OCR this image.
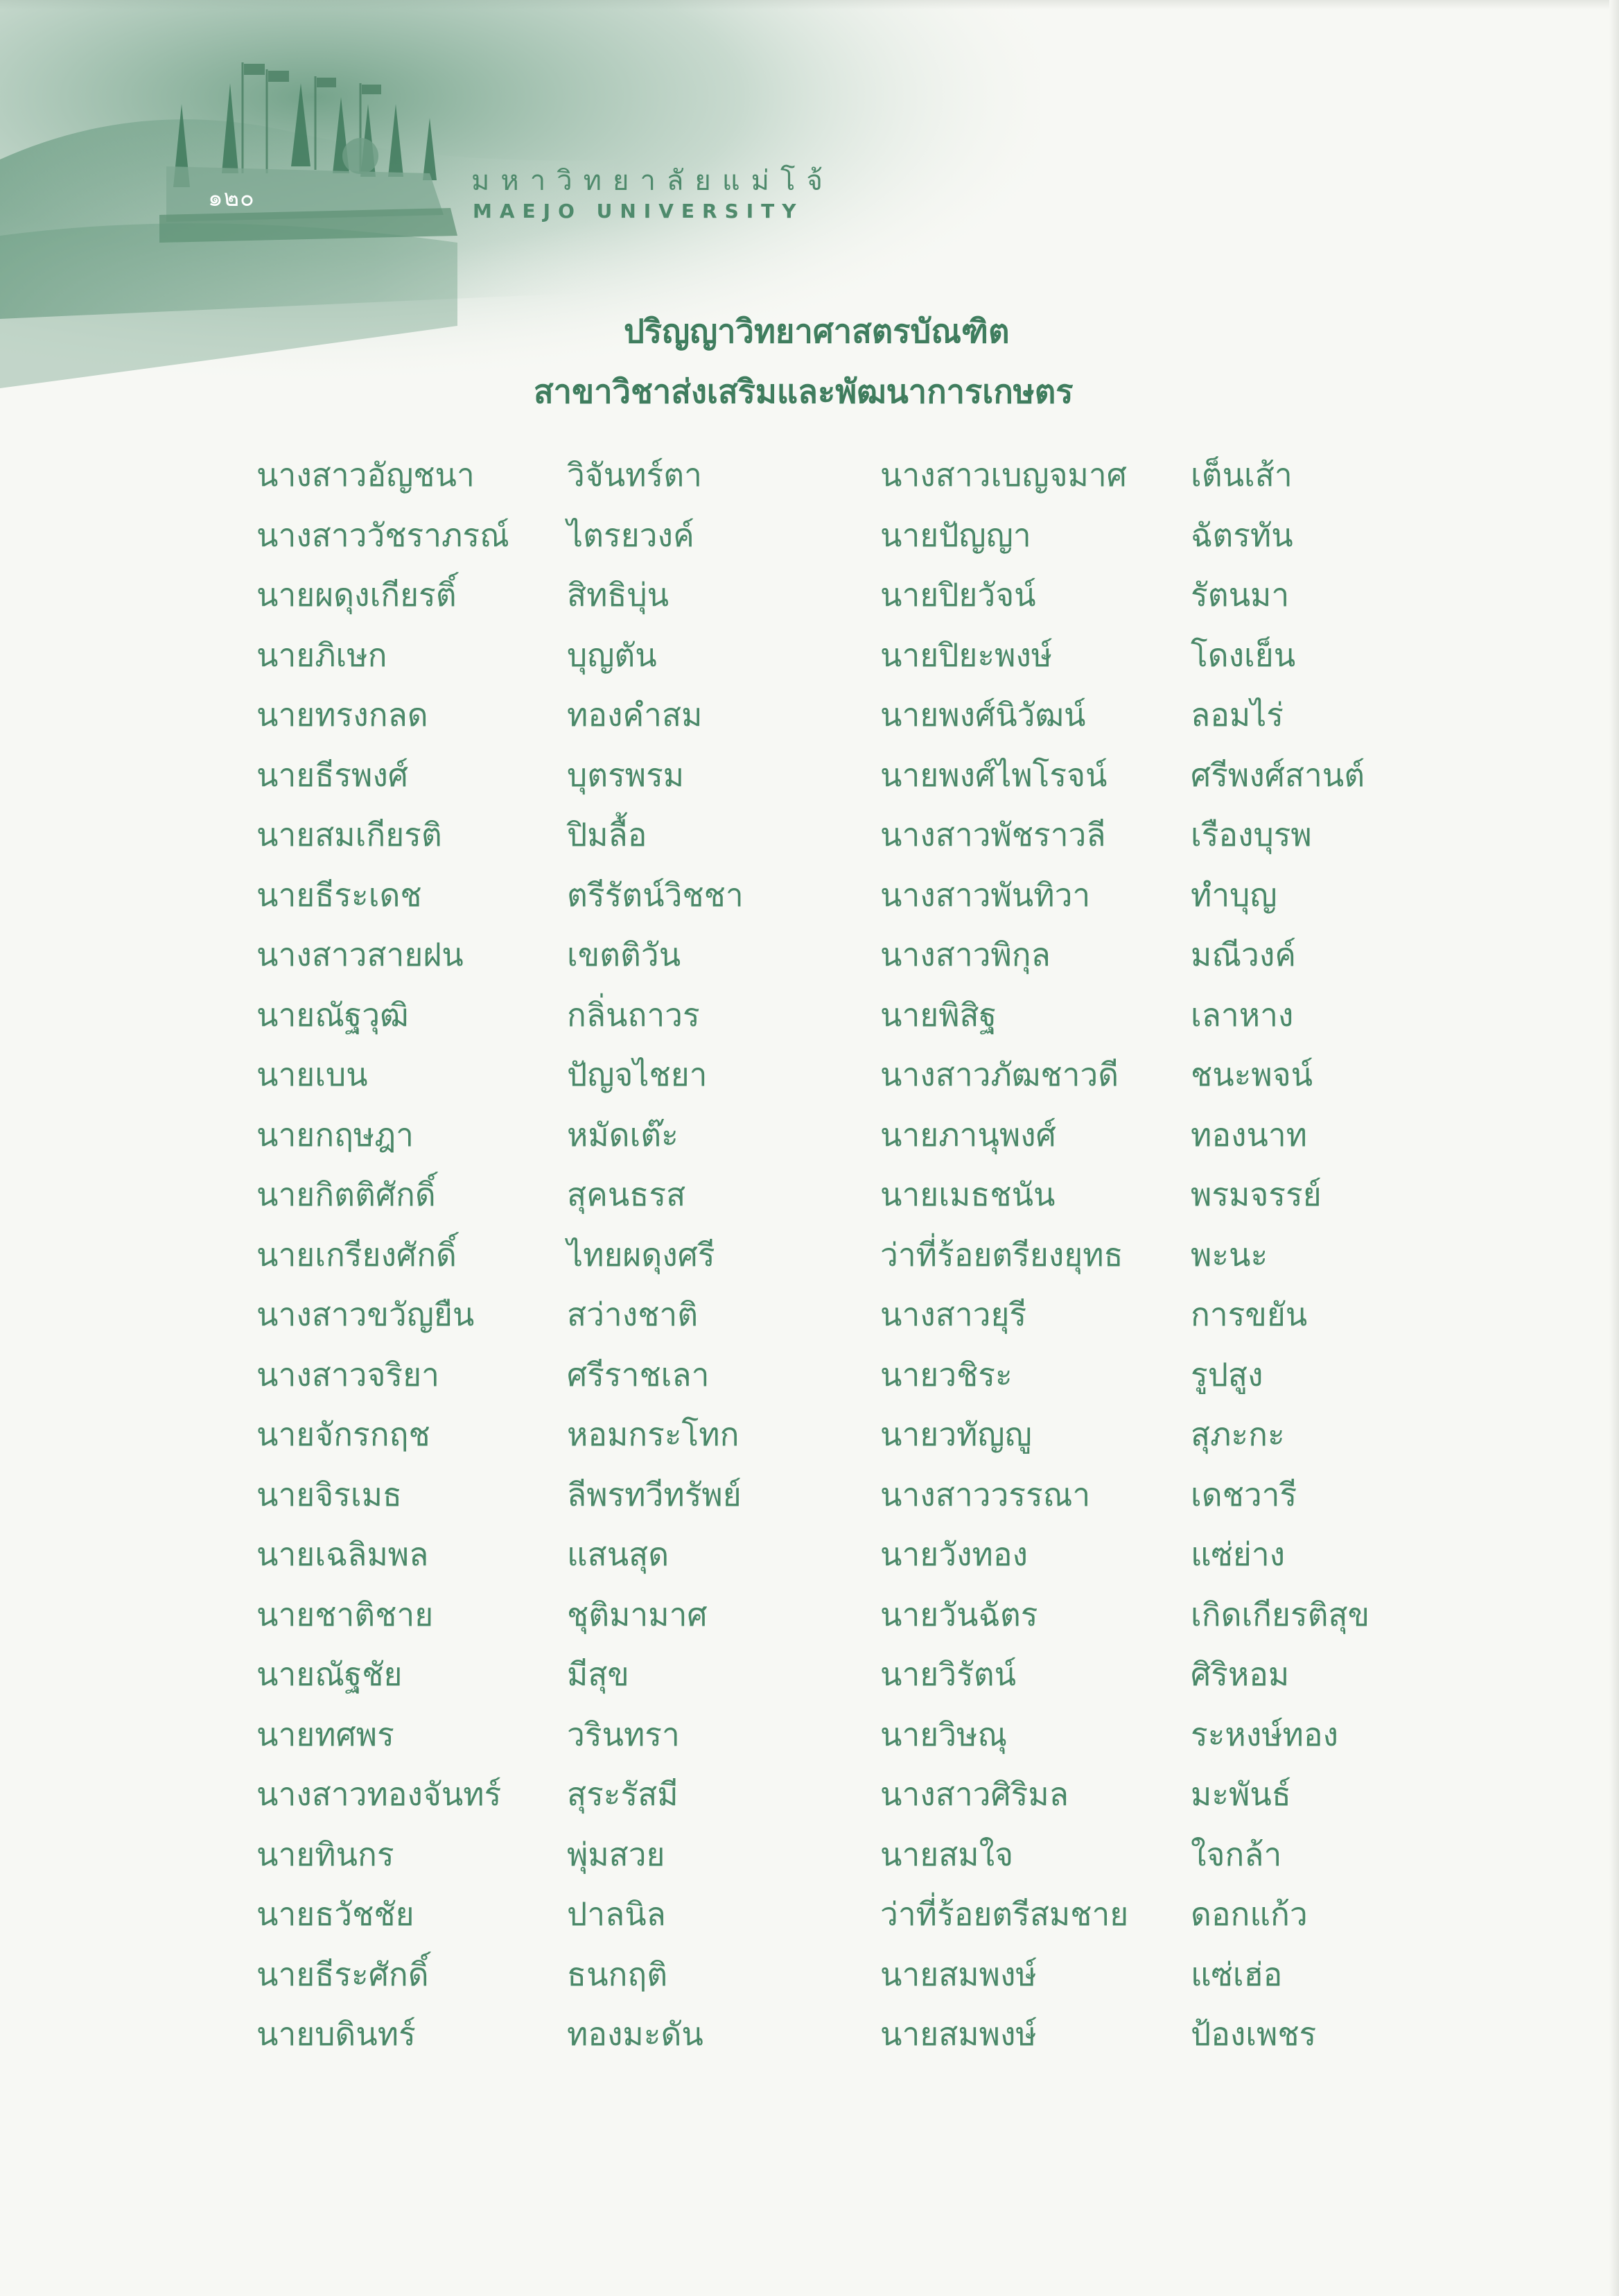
๑๒๐
มหาวิทยาลัยแม่โจ้
MAEJO UNIVERSITY
ปริญญาวิทยาศาสตรบัณฑิต
สาขาวิชาส่งเสริมและพัฒนาการเกษตร
นางสาวอัญชนา	วิจันทร์ตา	นางสาวเบญจมาศ เต็นเส้า
นางสาววัชราภรณ์ ไตรยวงค์	นายปัญญา	ฉัตรทัน
นายผดุงเกียรติ์	สิทธิบุ่น	นายปิยวัจน์	รัตนมา
นายภิเษก	บุญตัน	นายปิยะพงษ์	โดงเย็น
นายทรงกลด	ทองคำสม	นายพงศ์นิวัฒน์	ลอมไร่
นายธีรพงศ์	บุตรพรม	นายพงศ์ไพโรจน์	ศรีพงศ์สานต์
นายสมเกียรติ	ปิมลื้อ	นางสาวพัชราวลี	เรืองบุรพ
นายธีระเดช	ตรีรัตน์วิชชา	นางสาวพันทิวา	ทำบุญ
นางสาวสายฝน	เขตติวัน	นางสาวพิกุล	มณีวงค์
นายณัฐวุฒิ	กลิ่นถาวร	นายพิสิฐ	เลาหาง
นายเบน	ปัญจไชยา	นางสาวภัฒชาวดี ชนะพจน์
นายกฤษฎา	หมัดเต๊ะ	นายภานุพงศ์	ทองนาท
นายกิตติศักดิ์	สุคนธรส	นายเมธชนัน	พรมจรรย์
นายเกรียงศักดิ์	ไทยผดุงศรี	ว่าที่ร้อยตรียงยุทธ พะนะ
นางสาวขวัญยืน	สว่างชาติ	นางสาวยุรี	การขยัน
นางสาวจริยา	ศรีราชเลา	นายวชิระ	รูปสูง
นายจักรกฤช	หอมกระโทก	นายวทัญญู	สุภะกะ
นายจิรเมธ	ลีพรทวีทรัพย์	นางสาววรรณา	เดชวารี
นายเฉลิมพล	แสนสุด	นายวังทอง	แซ่ย่าง
นายชาติชาย	ชุติมามาศ	นายวันฉัตร	เกิดเกียรติสุข
นายณัฐชัย	มีสุข	นายวิรัตน์	ศิริหอม
นายทศพร	วรินทรา	นายวิษณุ	ระหงษ์ทอง
นางสาวทองจันทร์ สุระรัสมี	นางสาวศิริมล	มะพันธ์
นายทินกร	พุ่มสวย	นายสมใจ	ใจกล้า
นายธวัชชัย	ปาลนิล	ว่าที่ร้อยตรีสมชาย ดอกแก้ว
นายธีระศักดิ์	ธนกฤติ	นายสมพงษ์	แซ่เฮ่อ
นายบดินทร์	ทองมะดัน	นายสมพงษ์	ป้องเพชร
